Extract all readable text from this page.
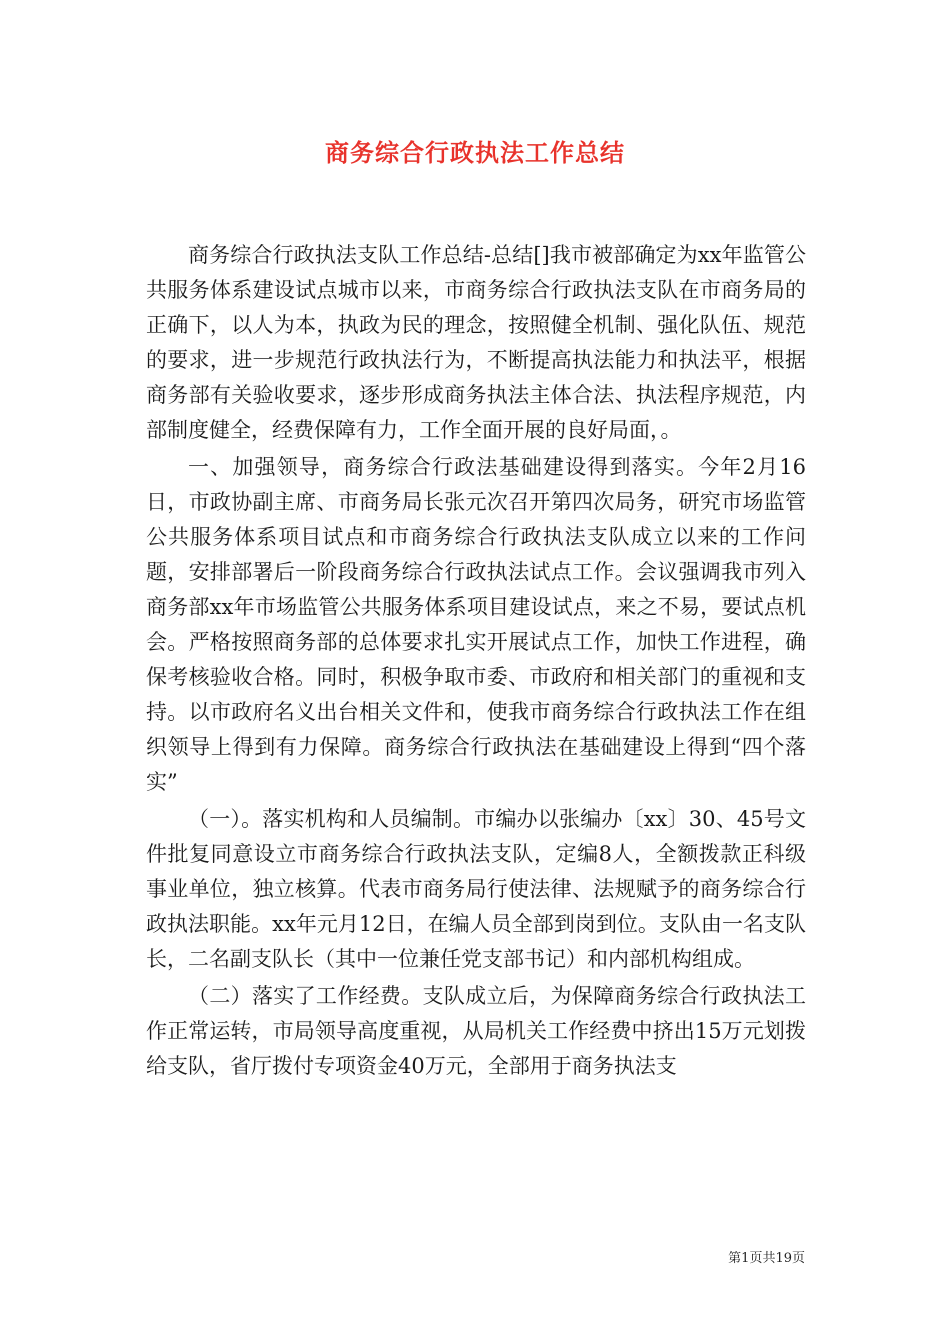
商务综合行政执法工作总结

商务综合行政执法支队工作总结-总结[]我市被部确定为xx年监管公共服务体系建设试点城市以来，市商务综合行政执法支队在市商务局的正确下，以人为本，执政为民的理念，按照健全机制、强化队伍、规范的要求，进一步规范行政执法行为，不断提高执法能力和执法平，根据商务部有关验收要求，逐步形成商务执法主体合法、执法程序规范，内部制度健全，经费保障有力，工作全面开展的良好局面，。

一、加强领导，商务综合行政法基础建设得到落实。今年2月16日，市政协副主席、市商务局长张元次召开第四次局务，研究市场监管公共服务体系项目试点和市商务综合行政执法支队成立以来的工作问题，安排部署后一阶段商务综合行政执法试点工作。会议强调我市列入商务部xx年市场监管公共服务体系项目建设试点，来之不易，要试点机会。严格按照商务部的总体要求扎实开展试点工作，加快工作进程，确保考核验收合格。同时，积极争取市委、市政府和相关部门的重视和支持。以市政府名义出台相关文件和，使我市商务综合行政执法工作在组织领导上得到有力保障。商务综合行政执法在基础建设上得到“四个落实”

（一）。落实机构和人员编制。市编办以张编办〔xx〕30、45号文件批复同意设立市商务综合行政执法支队，定编8人，全额拨款正科级事业单位，独立核算。代表市商务局行使法律、法规赋予的商务综合行政执法职能。xx年元月12日，在编人员全部到岗到位。支队由一名支队长，二名副支队长（其中一位兼任党支部书记）和内部机构组成。

（二）落实了工作经费。支队成立后，为保障商务综合行政执法工作正常运转，市局领导高度重视，从局机关工作经费中挤出15万元划拨给支队，省厅拨付专项资金40万元，全部用于商务执法支

第1页共19页
